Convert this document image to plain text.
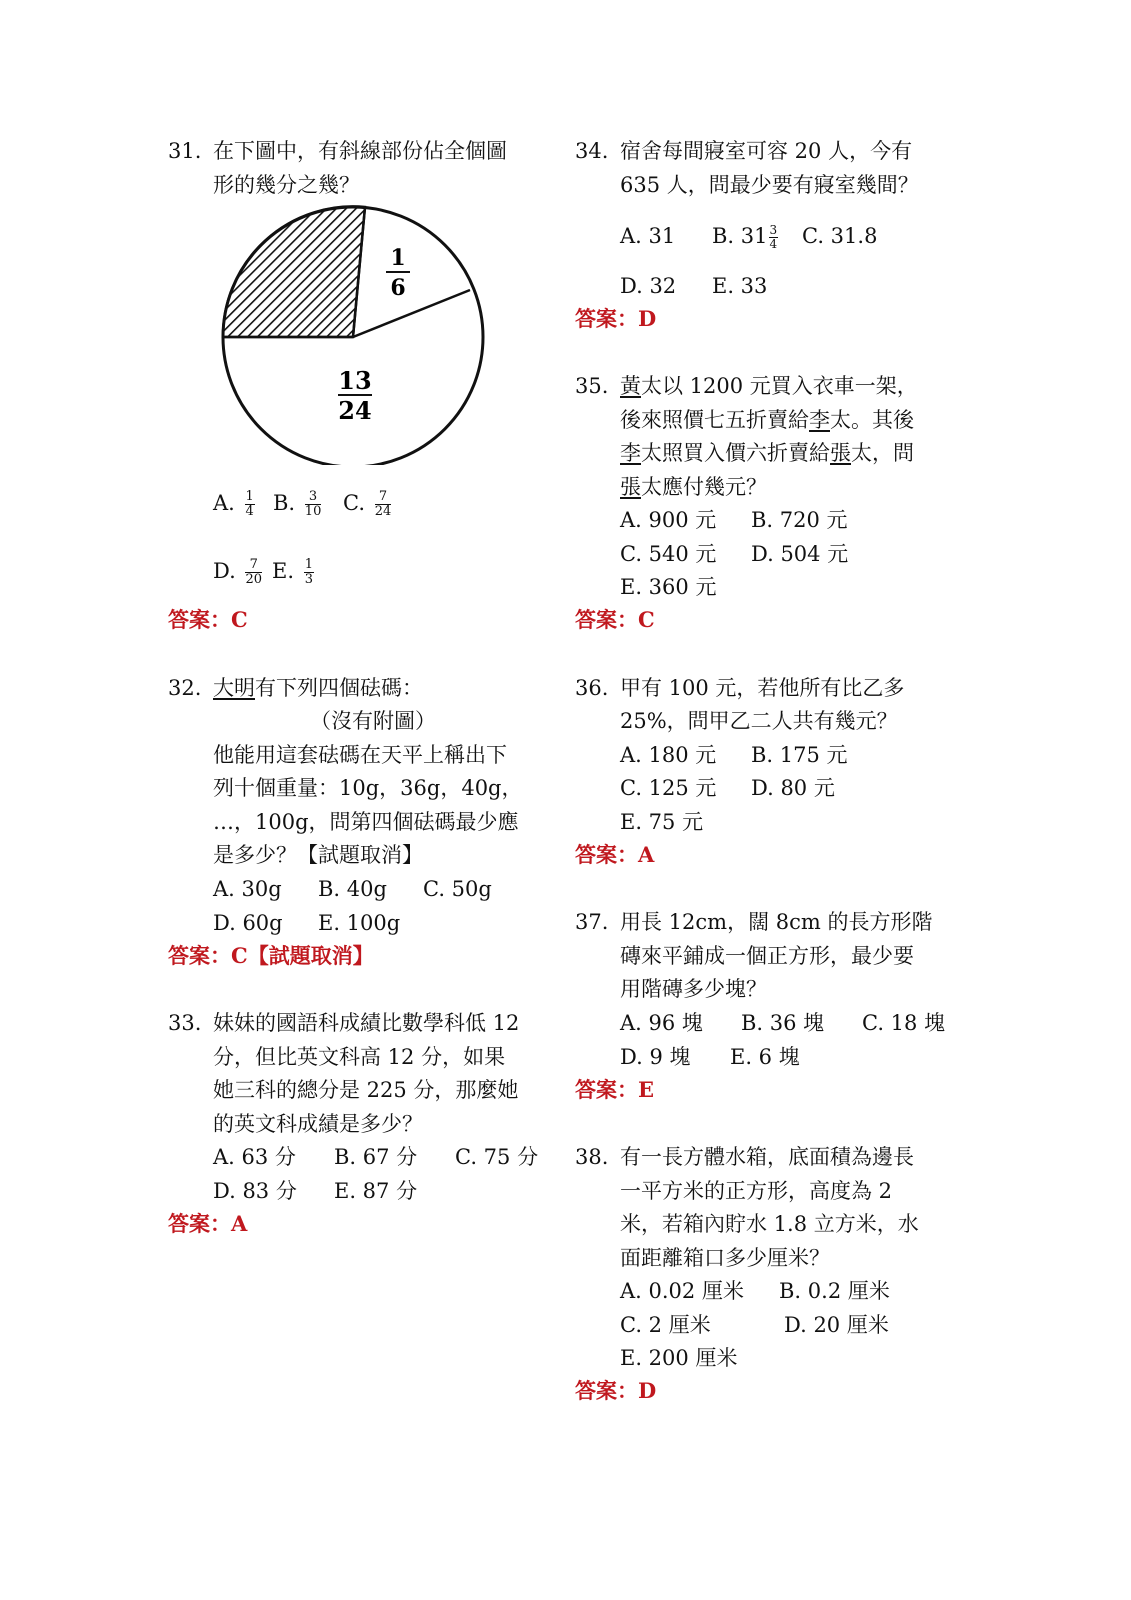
31. 在下圖中，有斜線部份佔全個圖
形的幾分之幾？
1
6
13
24
A. $\frac{1}{4} B$. $\frac{3}{10} C$. $\frac{7}{24}$
D. $\frac{7}{20} E$. $\frac{1}{3}$
答案：C
32. 大明有下列四個砝碼：
（沒有附圖）
他能用這套砝碼在天平上稱出下
列十個重量：10g，36g，40g，
…，100g，問第四個砝碼最少應
是多少？【試題取消】
A. 30g B. 40g C. 50g
D. 60g E. 100g
答案：C【試題取消】
33. 妹妹的國語科成績比數學科低 12
分，但比英文科高 12 分，如果
她三科的總分是 225 分，那麼她
的英文科成績是多少？
A. 63 分 B. 67 分 C. 75 分
D. 83 分 E. 87 分
答案：A
34. 宿舍每間寢室可容 20 人，今有
635 人，問最少要有寢室幾間？
A. 31 B. $31 \frac{3}{4} C$. 31.8
D. 32 E. 33
答案：D
35. 黃太以 1200 元買入衣車一架，
後來照價七五折賣給李太。其後
李太照買入價六折賣給張太，問
張太應付幾元？
A. 900 元 B. 720 元
C. 540 元 D. 504 元
E. 360 元
答案：C
36. 甲有 100 元，若他所有比乙多
25%，問甲乙二人共有幾元？
A. 180 元 B. 175 元
C. 125 元 D. 80 元
E. 75 元
答案：A
37. 用長 12cm，闊 8cm 的長方形階
磚來平鋪成一個正方形，最少要
用階磚多少塊？
A. 96 塊 B. 36 塊 C. 18 塊
D. 9 塊 E. 6 塊
答案：E
38. 有一長方體水箱，底面積為邊長
一平方米的正方形，高度為 2
米，若箱內貯水 1.8 立方米，水
面距離箱口多少厘米？
A. 0.02 厘米 B. 0.2 厘米
C. 2 厘米	D. 20 厘米
E. 200 厘米
答案：D
